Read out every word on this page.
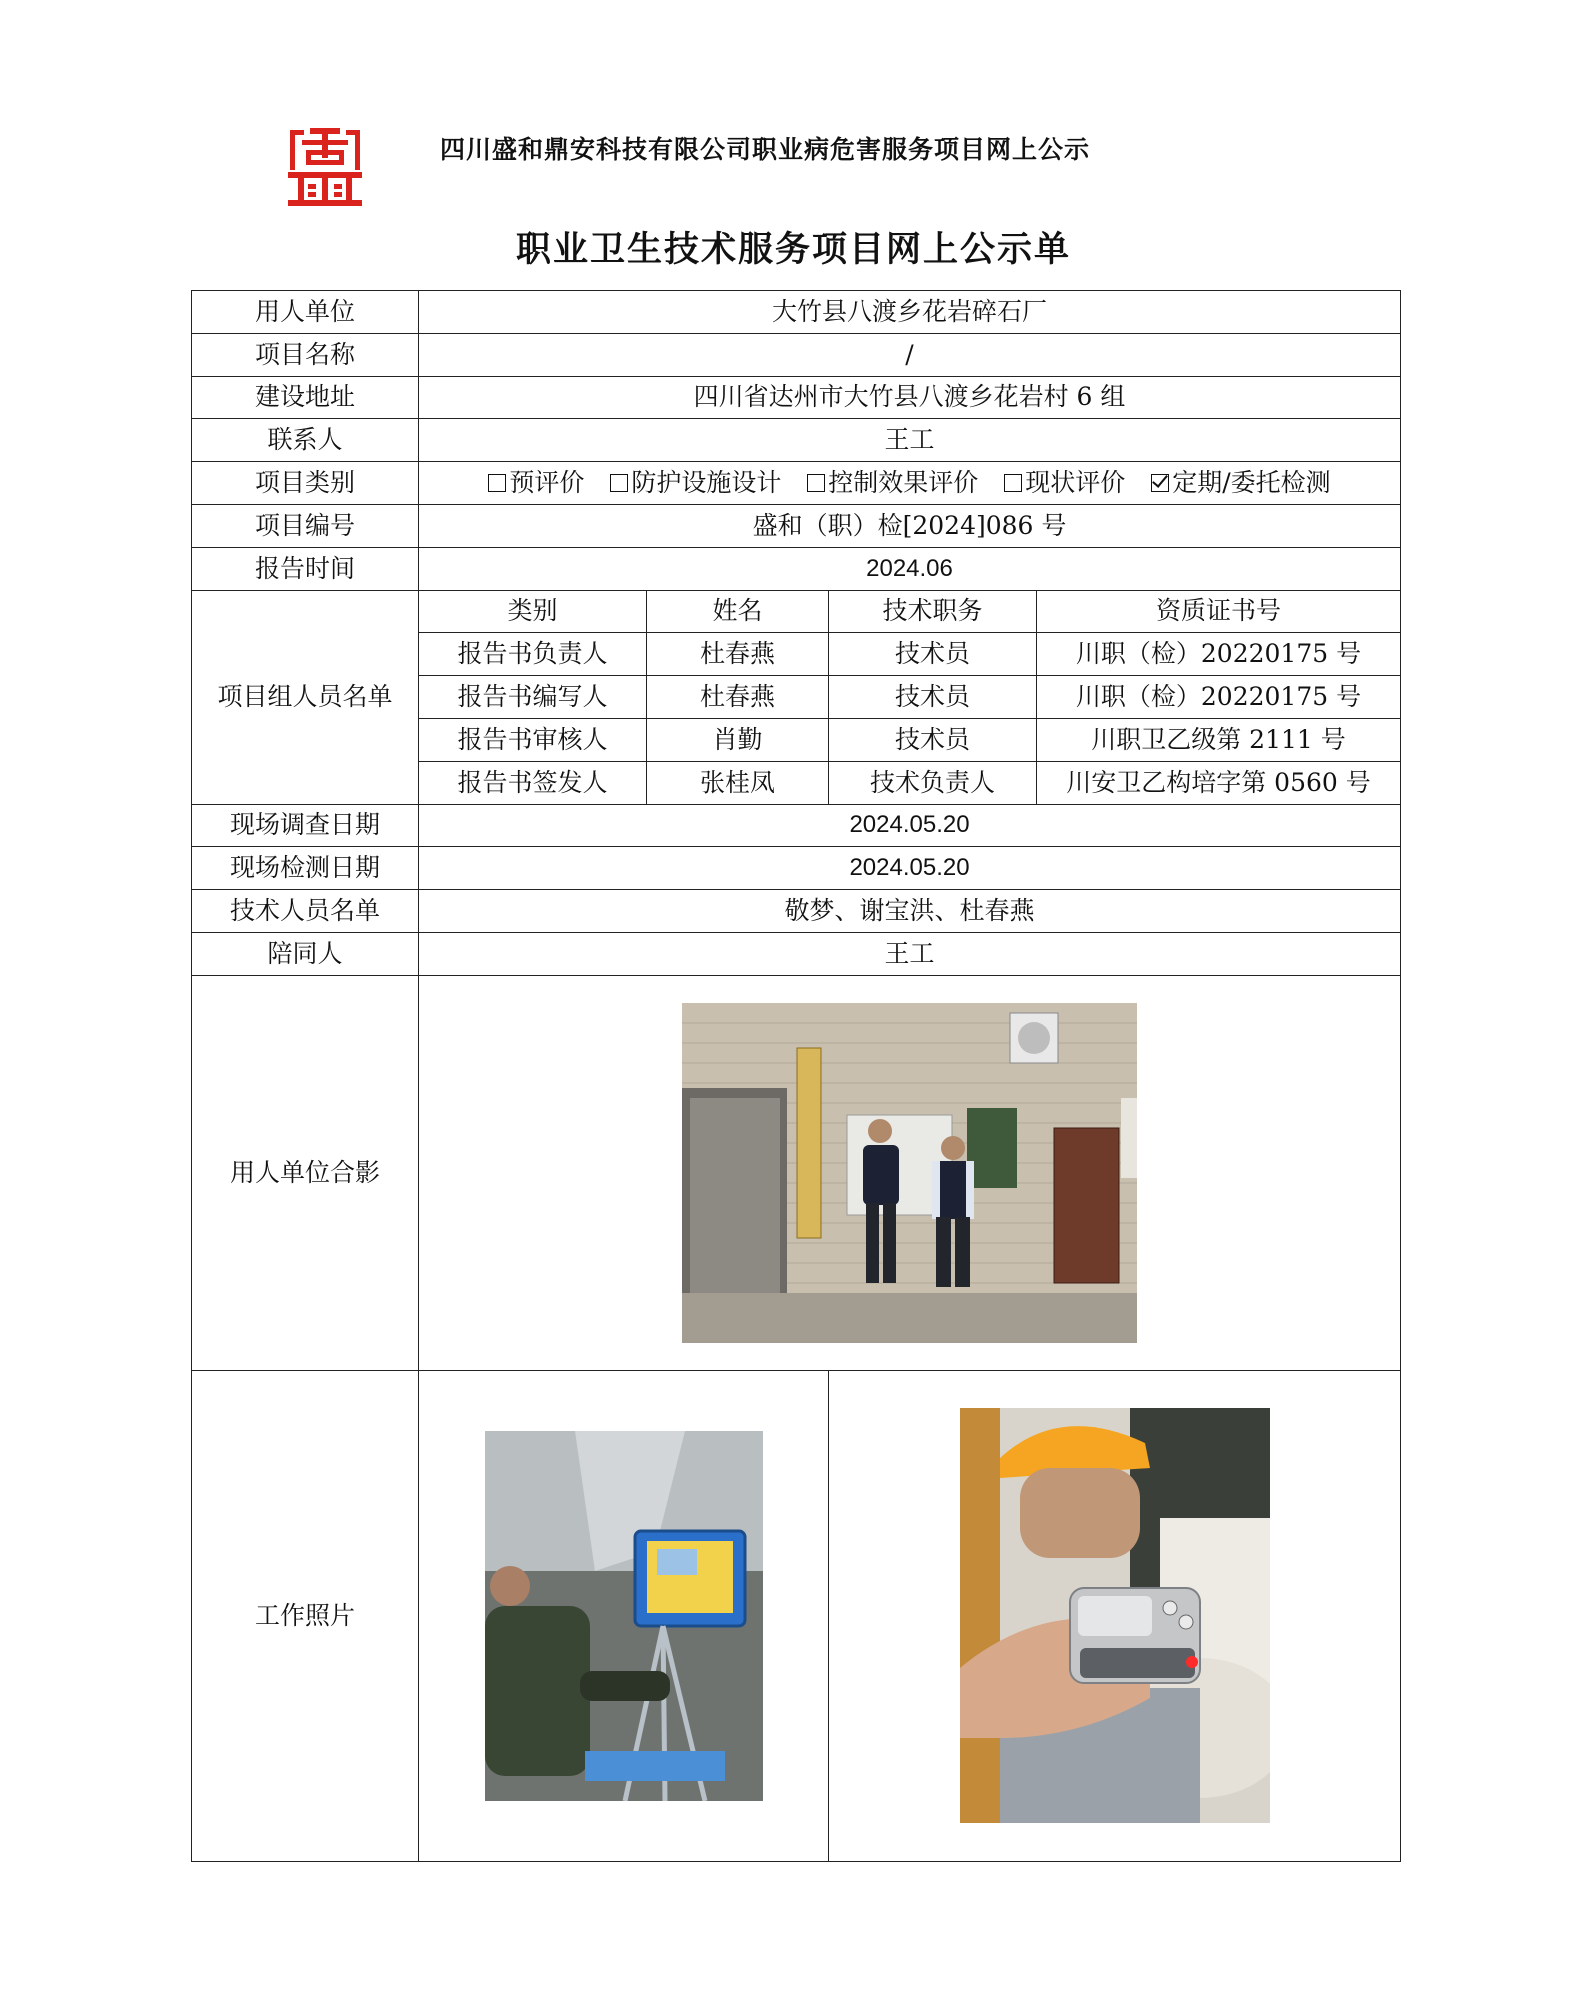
四川盛和鼎安科技有限公司职业病危害服务项目网上公示
职业卫生技术服务项目网上公示单
用人单位	大竹县八渡乡花岩碎石厂			
项目名称	/			
建设地址	四川省达州市大竹县八渡乡花岩村 6 组			
联系人	王工			
项目类别	预评价 防护设施设计 控制效果评价 现状评价 定期/委托检测			
项目编号	盛和（职）检[2024]086 号			
报告时间	2024.06			
项目组人员名单	类别	姓名	技术职务	资质证书号
	报告书负责人	杜春燕	技术员	川职（检）20220175 号
	报告书编写人	杜春燕	技术员	川职（检）20220175 号
	报告书审核人	肖勤	技术员	川职卫乙级第 2111 号
	报告书签发人	张桂凤	技术负责人	川安卫乙构培字第 0560 号
现场调查日期	2024.05.20			
现场检测日期	2024.05.20			
技术人员名单	敬梦、谢宝洪、杜春燕			
陪同人	王工			
用人单位合影	
工作照片		
